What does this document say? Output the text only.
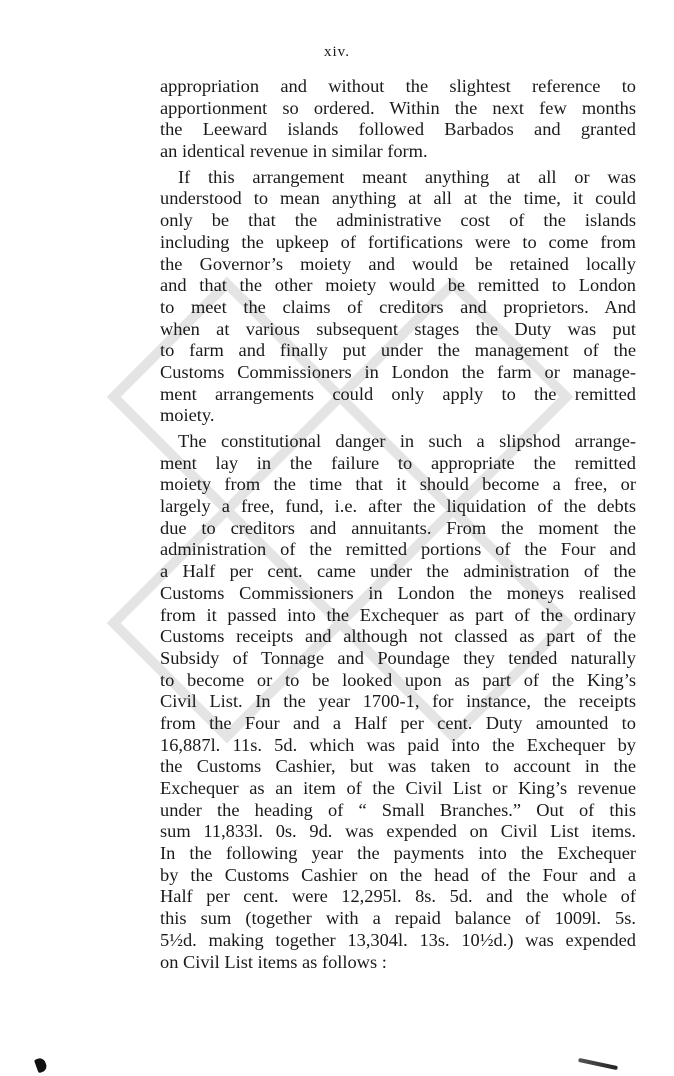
xiv.
appropriation and without the slightest reference to
apportionment so ordered. Within the next few months
the Leeward islands followed Barbados and granted
an identical revenue in similar form.
If this arrangement meant anything at all or was
understood to mean anything at all at the time, it could
only be that the administrative cost of the islands
including the upkeep of fortifications were to come from
the Governor’s moiety and would be retained locally
and that the other moiety would be remitted to London
to meet the claims of creditors and proprietors. And
when at various subsequent stages the Duty was put
to farm and finally put under the management of the
Customs Commissioners in London the farm or manage-
ment arrangements could only apply to the remitted
moiety.
The constitutional danger in such a slipshod arrange-
ment lay in the failure to appropriate the remitted
moiety from the time that it should become a free, or
largely a free, fund, i.e. after the liquidation of the debts
due to creditors and annuitants. From the moment the
administration of the remitted portions of the Four and
a Half per cent. came under the administration of the
Customs Commissioners in London the moneys realised
from it passed into the Exchequer as part of the ordinary
Customs receipts and although not classed as part of the
Subsidy of Tonnage and Poundage they tended naturally
to become or to be looked upon as part of the King’s
Civil List. In the year 1700-1, for instance, the receipts
from the Four and a Half per cent. Duty amounted to
16,887l. 11s. 5d. which was paid into the Exchequer by
the Customs Cashier, but was taken to account in the
Exchequer as an item of the Civil List or King’s revenue
under the heading of “ Small Branches.” Out of this
sum 11,833l. 0s. 9d. was expended on Civil List items.
In the following year the payments into the Exchequer
by the Customs Cashier on the head of the Four and a
Half per cent. were 12,295l. 8s. 5d. and the whole of
this sum (together with a repaid balance of 1009l. 5s.
5½d. making together 13,304l. 13s. 10½d.) was expended
on Civil List items as follows :
